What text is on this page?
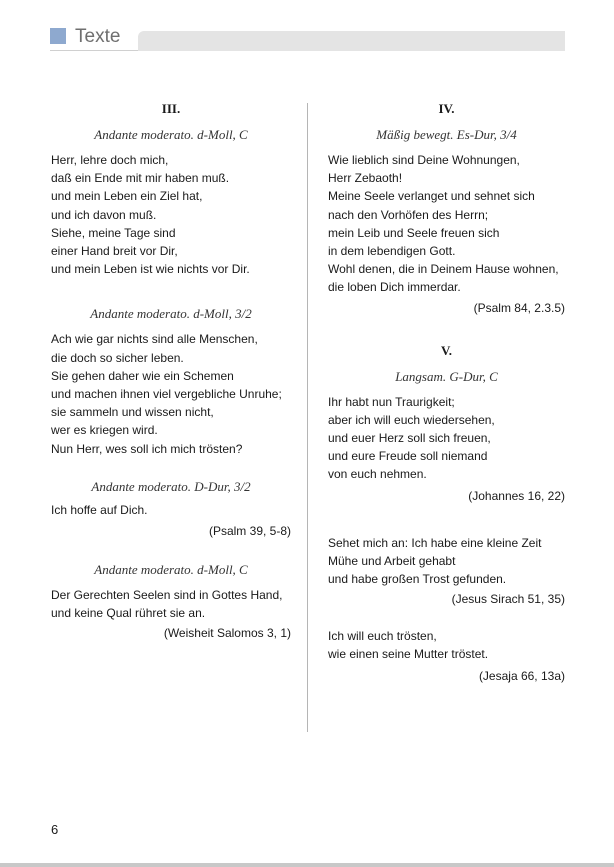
Texte
III.
Andante moderato. d-Moll, C
Herr, lehre doch mich,
daß ein Ende mit mir haben muß.
und mein Leben ein Ziel hat,
und ich davon muß.
Siehe, meine Tage sind
einer Hand breit vor Dir,
und mein Leben ist wie nichts vor Dir.
Andante moderato. d-Moll, 3/2
Ach wie gar nichts sind alle Menschen,
die doch so sicher leben.
Sie gehen daher wie ein Schemen
und machen ihnen viel vergebliche Unruhe;
sie sammeln und wissen nicht,
wer es kriegen wird.
Nun Herr, wes soll ich mich trösten?
Andante moderato. D-Dur, 3/2
Ich hoffe auf Dich.
(Psalm 39, 5-8)
Andante moderato. d-Moll, C
Der Gerechten Seelen sind in Gottes Hand,
und keine Qual rühret sie an.
(Weisheit Salomos 3, 1)
IV.
Mäßig bewegt. Es-Dur, 3/4
Wie lieblich sind Deine Wohnungen,
Herr Zebaoth!
Meine Seele verlanget und sehnet sich
nach den Vorhöfen des Herrn;
mein Leib und Seele freuen sich
in dem lebendigen Gott.
Wohl denen, die in Deinem Hause wohnen,
die loben Dich immerdar.
(Psalm 84, 2.3.5)
V.
Langsam. G-Dur, C
Ihr habt nun Traurigkeit;
aber ich will euch wiedersehen,
und euer Herz soll sich freuen,
und eure Freude soll niemand
von euch nehmen.
(Johannes 16, 22)
Sehet mich an: Ich habe eine kleine Zeit
Mühe und Arbeit gehabt
und habe großen Trost gefunden.
(Jesus Sirach 51, 35)
Ich will euch trösten,
wie einen seine Mutter tröstet.
(Jesaja 66, 13a)
6
